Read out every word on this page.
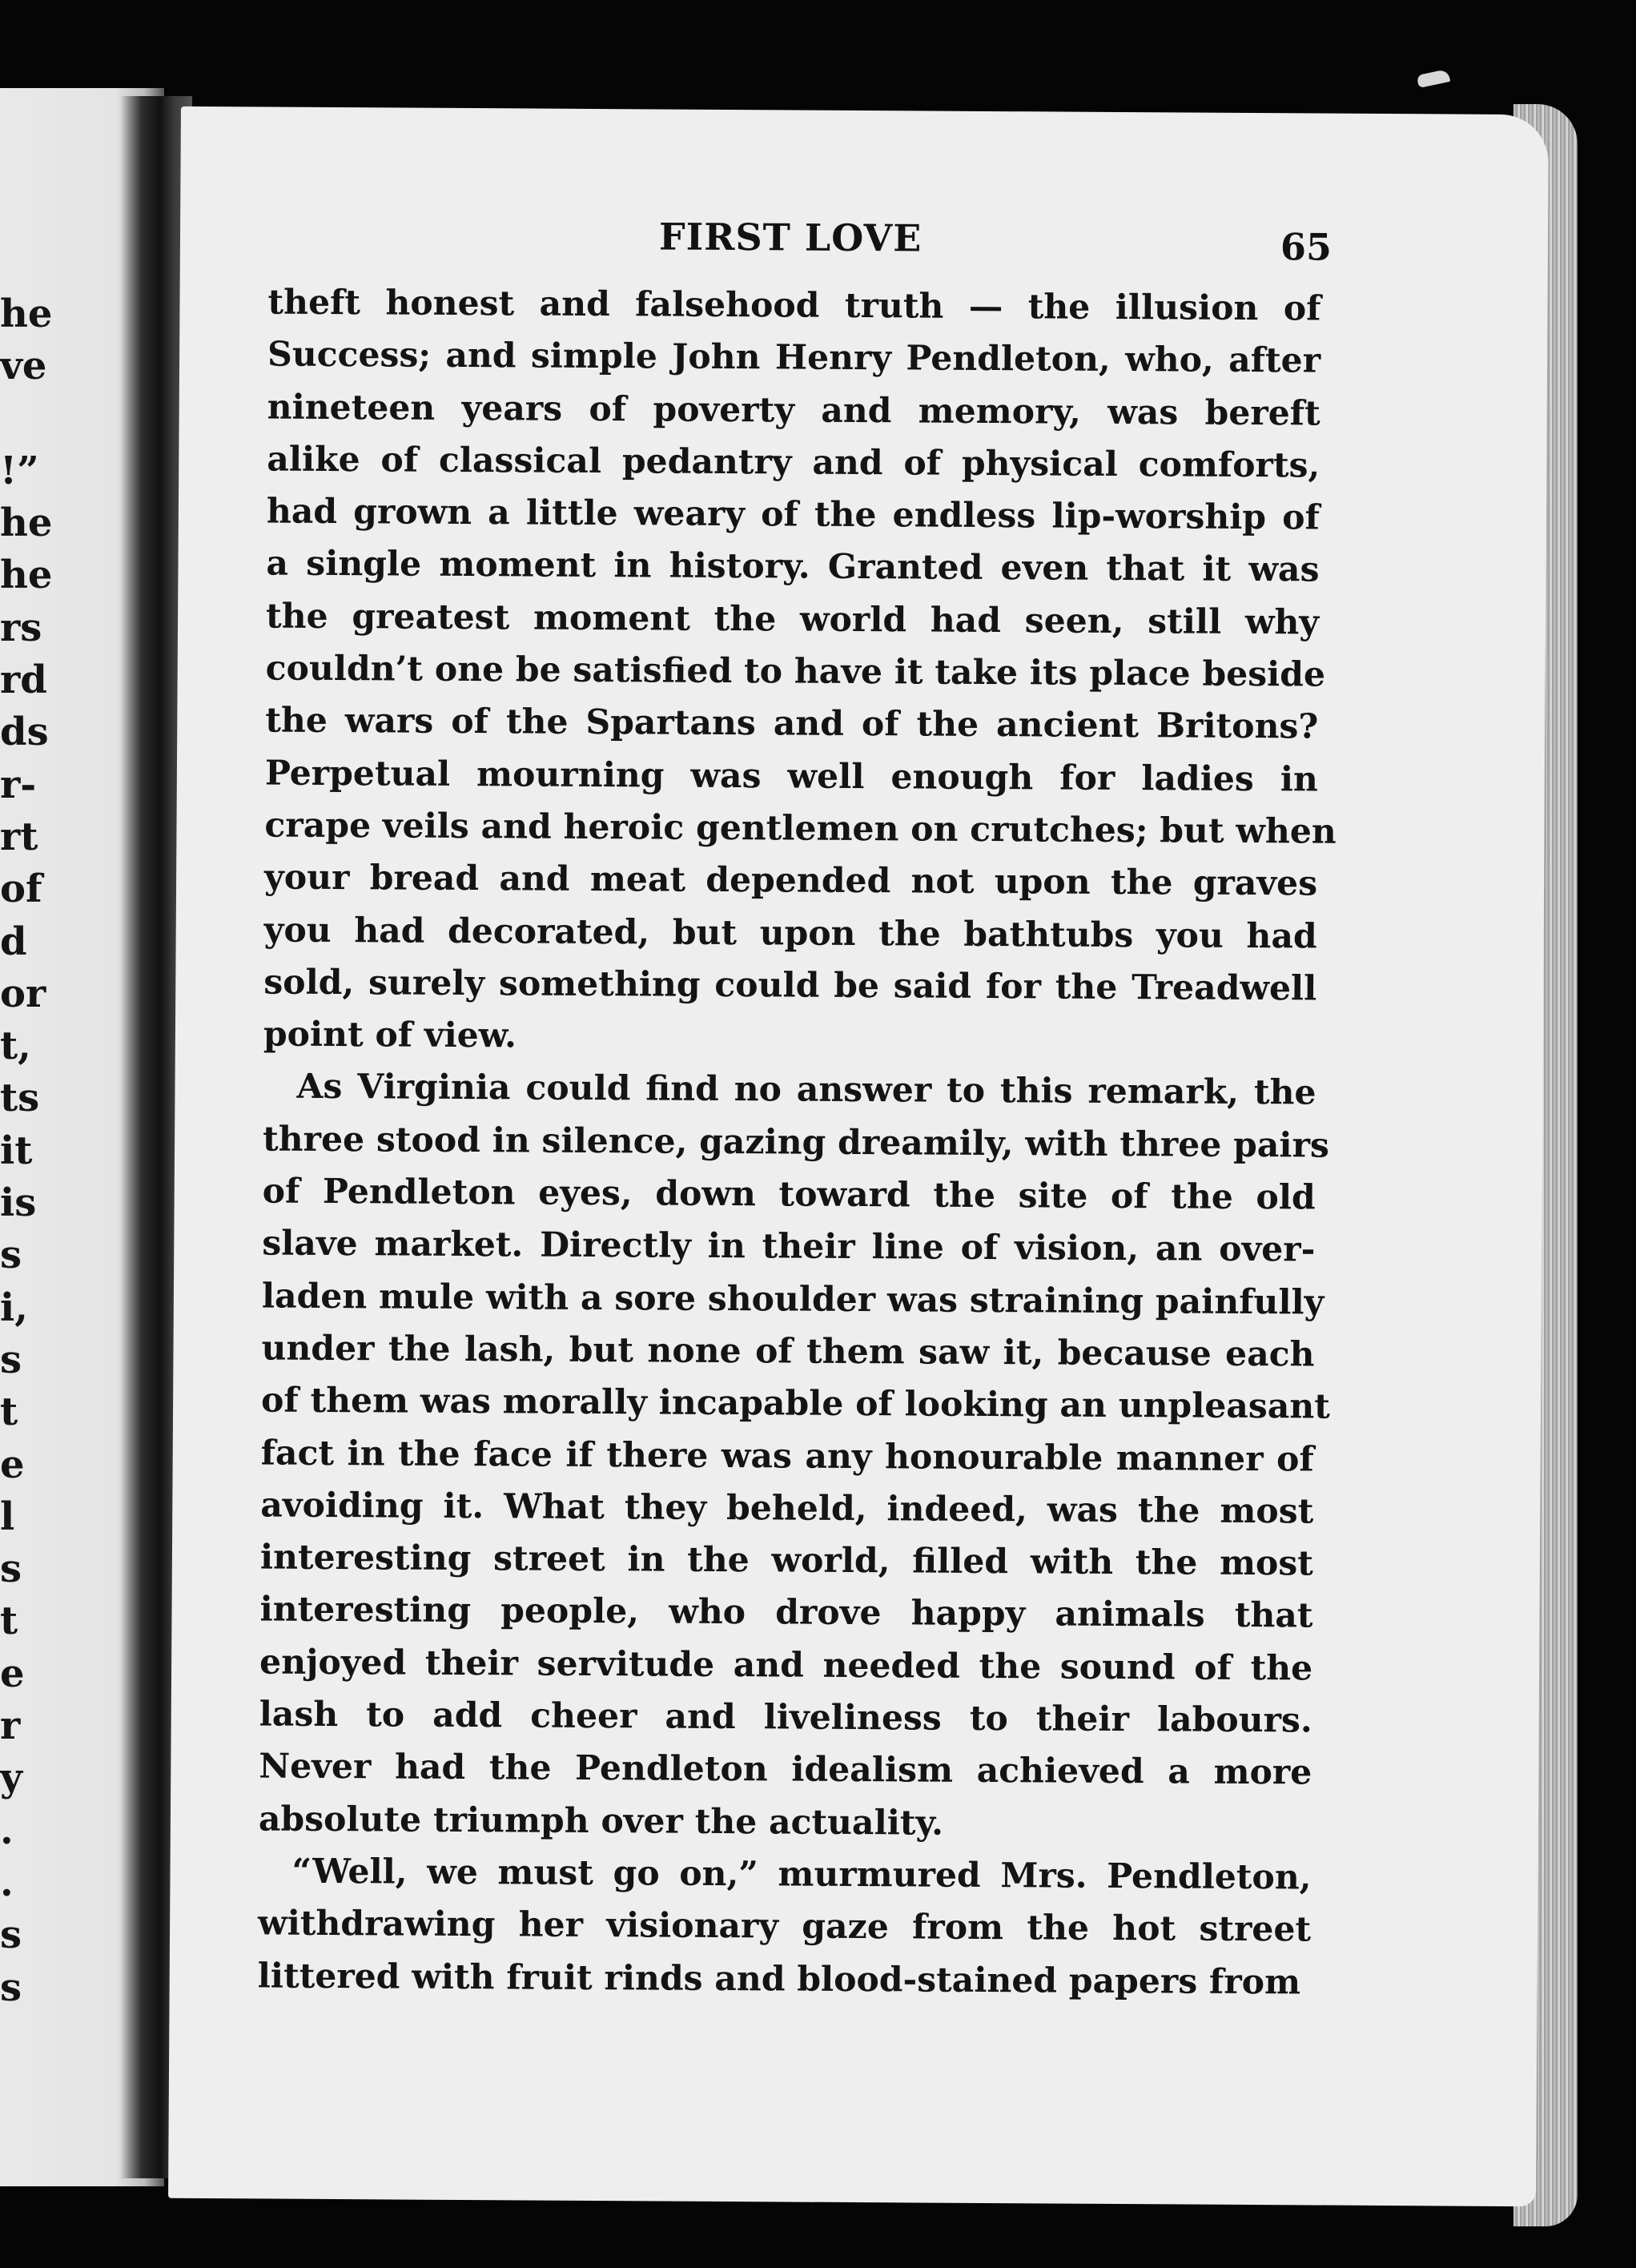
he
ve

!”
he
he
rs
rd
ds
r-
rt
of
d
or
t,
ts
it
is
s
i,
s
t
e
l
s
t
e
r
y
.
.
s
s
FIRST LOVE	65
theft honest and falsehood truth — the illusion of
Success; and simple John Henry Pendleton, who, after
nineteen years of poverty and memory, was bereft
alike of classical pedantry and of physical comforts,
had grown a little weary of the endless lip-worship of
a single moment in history. Granted even that it was
the greatest moment the world had seen, still why
couldn’t one be satisfied to have it take its place beside
the wars of the Spartans and of the ancient Britons?
Perpetual mourning was well enough for ladies in
crape veils and heroic gentlemen on crutches; but when
your bread and meat depended not upon the graves
you had decorated, but upon the bathtubs you had
sold, surely something could be said for the Treadwell
point of view.
As Virginia could find no answer to this remark, the
three stood in silence, gazing dreamily, with three pairs
of Pendleton eyes, down toward the site of the old
slave market. Directly in their line of vision, an over-
laden mule with a sore shoulder was straining painfully
under the lash, but none of them saw it, because each
of them was morally incapable of looking an unpleasant
fact in the face if there was any honourable manner of
avoiding it. What they beheld, indeed, was the most
interesting street in the world, filled with the most
interesting people, who drove happy animals that
enjoyed their servitude and needed the sound of the
lash to add cheer and liveliness to their labours.
Never had the Pendleton idealism achieved a more
absolute triumph over the actuality.
“Well, we must go on,” murmured Mrs. Pendleton,
withdrawing her visionary gaze from the hot street
littered with fruit rinds and blood-stained papers from
